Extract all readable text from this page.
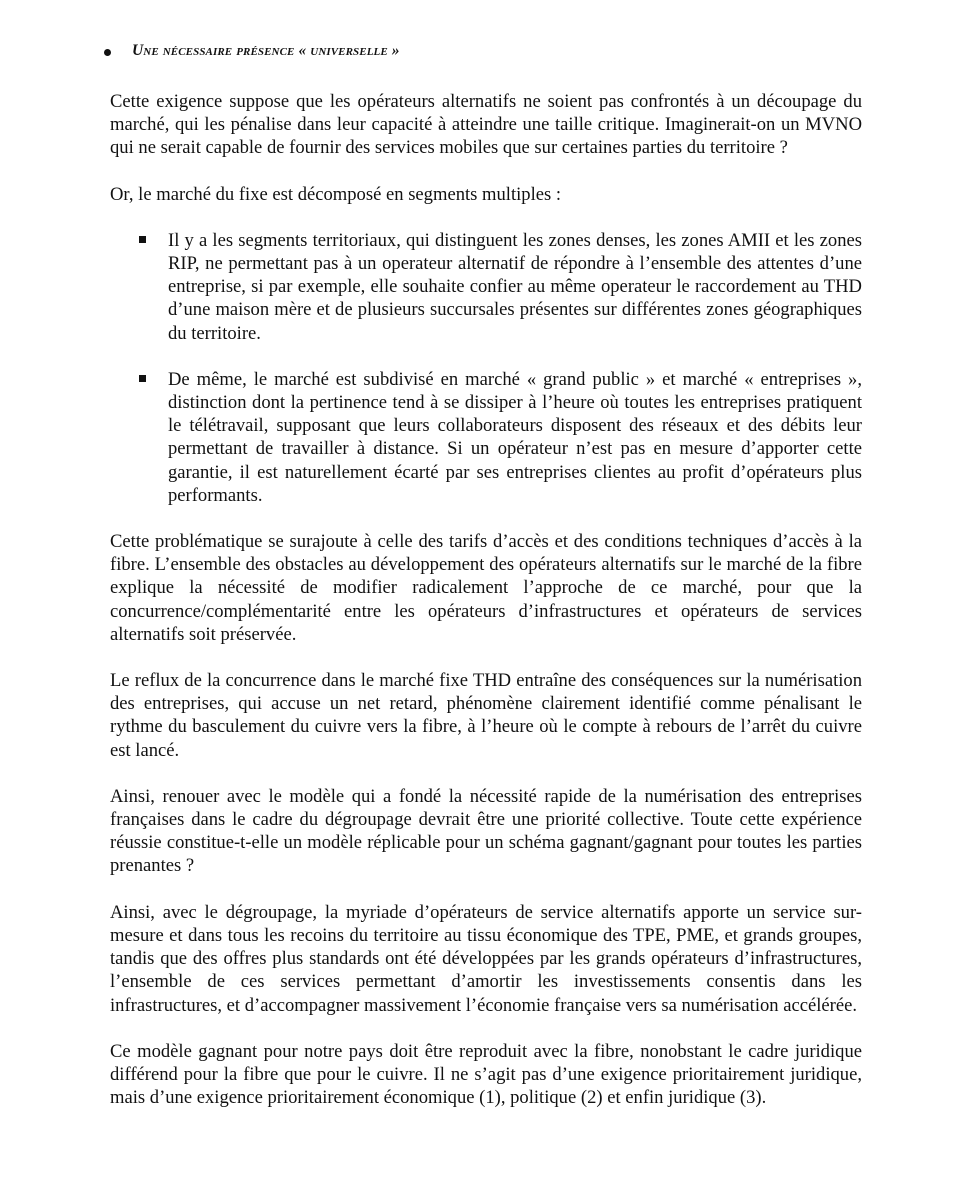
Une nécessaire présence « universelle »

Cette exigence suppose que les opérateurs alternatifs ne soient pas confrontés à un découpage du marché, qui les pénalise dans leur capacité à atteindre une taille critique. Imaginerait-on un MVNO qui ne serait capable de fournir des services mobiles que sur certaines parties du territoire ?

Or, le marché du fixe est décomposé en segments multiples :

Il y a les segments territoriaux, qui distinguent les zones denses, les zones AMII et les zones RIP, ne permettant pas à un operateur alternatif de répondre à l’ensemble des attentes d’une entreprise, si par exemple, elle souhaite confier au même operateur le raccordement au THD d’une maison mère et de plusieurs succursales présentes sur différentes zones géographiques du territoire.
De même, le marché est subdivisé en marché « grand public » et marché « entreprises », distinction dont la pertinence tend à se dissiper à l’heure où toutes les entreprises pratiquent le télétravail, supposant que leurs collaborateurs disposent des réseaux et des débits leur permettant de travailler à distance. Si un opérateur n’est pas en mesure d’apporter cette garantie, il est naturellement écarté par ses entreprises clientes au profit d’opérateurs plus performants.

Cette problématique se surajoute à celle des tarifs d’accès et des conditions techniques d’accès à la fibre. L’ensemble des obstacles au développement des opérateurs alternatifs sur le marché de la fibre explique la nécessité de modifier radicalement l’approche de ce marché, pour que la concurrence/complémentarité entre les opérateurs d’infrastructures et opérateurs de services alternatifs soit préservée.

Le reflux de la concurrence dans le marché fixe THD entraîne des conséquences sur la numérisation des entreprises, qui accuse un net retard, phénomène clairement identifié comme pénalisant le rythme du basculement du cuivre vers la fibre, à l’heure où le compte à rebours de l’arrêt du cuivre est lancé.

Ainsi, renouer avec le modèle qui a fondé la nécessité rapide de la numérisation des entreprises françaises dans le cadre du dégroupage devrait être une priorité collective. Toute cette expérience réussie constitue-t-elle un modèle réplicable pour un schéma gagnant/gagnant pour toutes les parties prenantes ?

Ainsi, avec le dégroupage, la myriade d’opérateurs de service alternatifs apporte un service sur-mesure et dans tous les recoins du territoire au tissu économique des TPE, PME, et grands groupes, tandis que des offres plus standards ont été développées par les grands opérateurs d’infrastructures, l’ensemble de ces services permettant d’amortir les investissements consentis dans les infrastructures, et d’accompagner massivement l’économie française vers sa numérisation accélérée.

Ce modèle gagnant pour notre pays doit être reproduit avec la fibre, nonobstant le cadre juridique différend pour la fibre que pour le cuivre. Il ne s’agit pas d’une exigence prioritairement juridique, mais d’une exigence prioritairement économique (1), politique (2) et enfin juridique (3).
